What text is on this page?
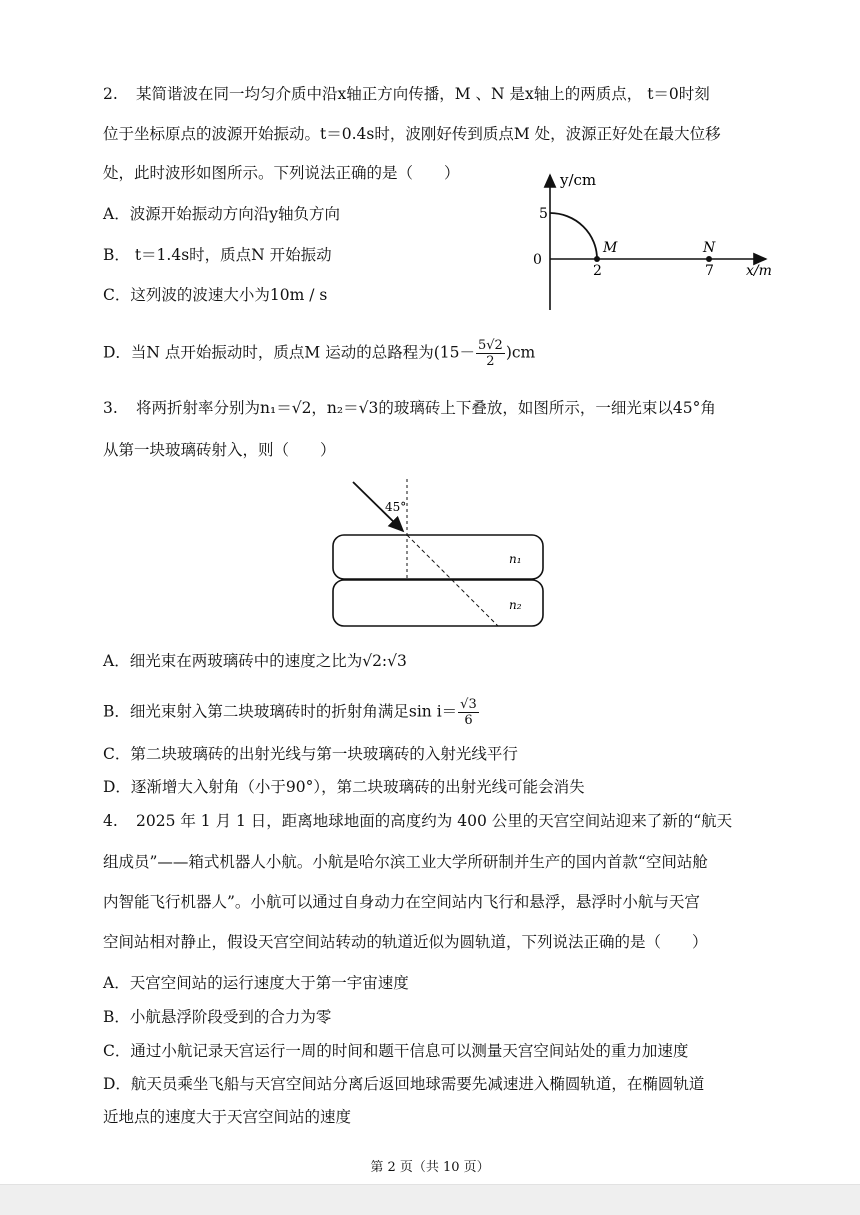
2. 某简谐波在同一均匀介质中沿x轴正方向传播，M 、N 是x轴上的两质点， t＝0时刻
位于坐标原点的波源开始振动。t＝0.4s时，波刚好传到质点M 处，波源正好处在最大位移
处，此时波形如图所示。下列说法正确的是（　　）
A．波源开始振动方向沿y轴负方向
B． t＝1.4s时，质点N 开始振动
C．这列波的波速大小为10m / s
D．当N 点开始振动时，质点M 运动的总路程为$(15- \frac{5√2}{2} )cm$
y/cm
5
0
M
2
N
7 x/m
3. 将两折射率分别为n₁＝√2，n₂＝√3的玻璃砖上下叠放，如图所示，一细光束以45°角
从第一块玻璃砖射入，则（　　）
45°
n₁
n₂
A．细光束在两玻璃砖中的速度之比为√2:√3
B．细光束射入第二块玻璃砖时的折射角满足$\sin i= \frac{√3}{6}$
C．第二块玻璃砖的出射光线与第一块玻璃砖的入射光线平行
D．逐渐增大入射角（小于90°），第二块玻璃砖的出射光线可能会消失
4. 2025 年 1 月 1 日，距离地球地面的高度约为 400 公里的天宫空间站迎来了新的“航天
组成员”——箱式机器人小航。小航是哈尔滨工业大学所研制并生产的国内首款“空间站舱
内智能飞行机器人”。小航可以通过自身动力在空间站内飞行和悬浮，悬浮时小航与天宫
空间站相对静止，假设天宫空间站转动的轨道近似为圆轨道，下列说法正确的是（　　）
A．天宫空间站的运行速度大于第一宇宙速度
B．小航悬浮阶段受到的合力为零
C．通过小航记录天宫运行一周的时间和题干信息可以测量天宫空间站处的重力加速度
D．航天员乘坐飞船与天宫空间站分离后返回地球需要先减速进入椭圆轨道，在椭圆轨道
近地点的速度大于天宫空间站的速度
第 2 页（共 10 页）
